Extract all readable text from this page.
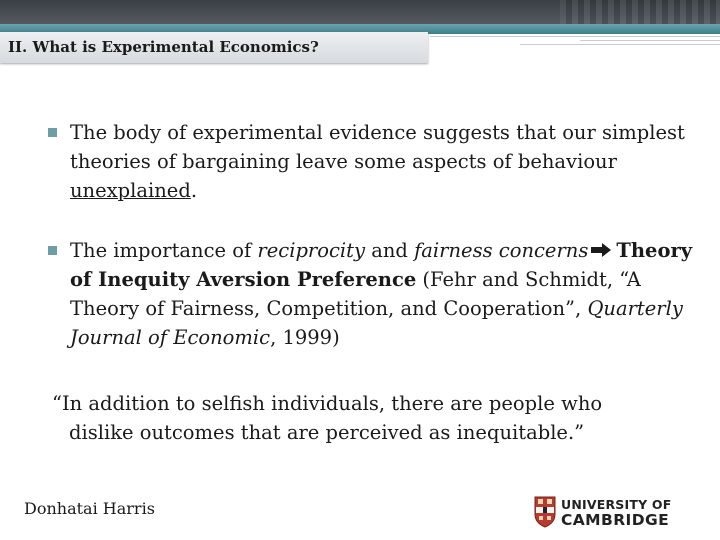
II. What is Experimental Economics?
The body of experimental evidence suggests that our simplest theories of bargaining leave some aspects of behaviour unexplained.
The importance of reciprocity and fairness concerns Theory of Inequity Aversion Preference (Fehr and Schmidt, “A Theory of Fairness, Competition, and Cooperation”, Quarterly Journal of Economic, 1999)
“In addition to selfish individuals, there are people who
dislike outcomes that are perceived as inequitable.”
Donhatai Harris	UNIVERSITY OF
CAMBRIDGE
